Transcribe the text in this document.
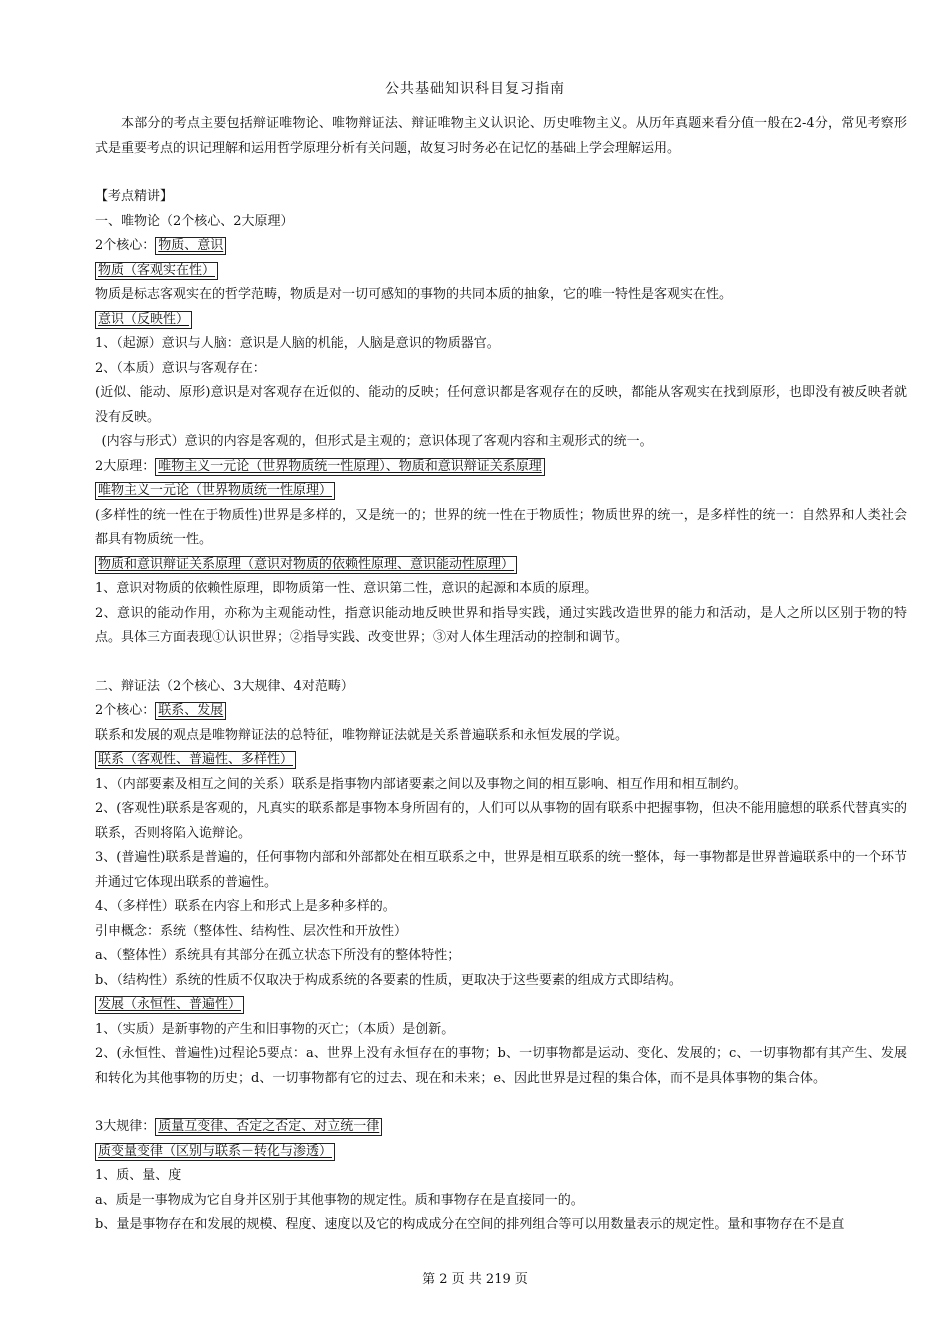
公共基础知识科目复习指南

本部分的考点主要包括辩证唯物论、唯物辩证法、辩证唯物主义认识论、历史唯物主义。从历年真题来看分值一般在2-4分，常见考察形式是重要考点的识记理解和运用哲学原理分析有关问题，故复习时务必在记忆的基础上学会理解运用。

【考点精讲】

一、唯物论（2个核心、2大原理）

2个核心： 物质、意识

物质（客观实在性）

物质是标志客观实在的哲学范畴，物质是对一切可感知的事物的共同本质的抽象，它的唯一特性是客观实在性。

意识（反映性）

1、（起源）意识与人脑：意识是人脑的机能，人脑是意识的物质器官。

2、（本质）意识与客观存在：

(近似、能动、原形)意识是对客观存在近似的、能动的反映；任何意识都是客观存在的反映，都能从客观实在找到原形，也即没有被反映者就没有反映。

(内容与形式）意识的内容是客观的，但形式是主观的；意识体现了客观内容和主观形式的统一。

2大原理： 唯物主义一元论（世界物质统一性原理）、物质和意识辩证关系原理

唯物主义一元论（世界物质统一性原理）

(多样性的统一性在于物质性)世界是多样的，又是统一的；世界的统一性在于物质性；物质世界的统一，是多样性的统一：自然界和人类社会都具有物质统一性。

物质和意识辩证关系原理（意识对物质的依赖性原理、意识能动性原理）

1、意识对物质的依赖性原理，即物质第一性、意识第二性，意识的起源和本质的原理。

2、意识的能动作用，亦称为主观能动性，指意识能动地反映世界和指导实践，通过实践改造世界的能力和活动，是人之所以区别于物的特点。具体三方面表现①认识世界；②指导实践、改变世界；③对人体生理活动的控制和调节。

二、辩证法（2个核心、3大规律、4对范畴）

2个核心： 联系、发展

联系和发展的观点是唯物辩证法的总特征，唯物辩证法就是关系普遍联系和永恒发展的学说。

联系（客观性、普遍性、多样性）

1、（内部要素及相互之间的关系）联系是指事物内部诸要素之间以及事物之间的相互影响、相互作用和相互制约。

2、(客观性)联系是客观的，凡真实的联系都是事物本身所固有的，人们可以从事物的固有联系中把握事物，但决不能用臆想的联系代替真实的联系，否则将陷入诡辩论。

3、(普遍性)联系是普遍的，任何事物内部和外部都处在相互联系之中，世界是相互联系的统一整体，每一事物都是世界普遍联系中的一个环节并通过它体现出联系的普遍性。

4、（多样性）联系在内容上和形式上是多种多样的。

引申概念：系统（整体性、结构性、层次性和开放性）

a、（整体性）系统具有其部分在孤立状态下所没有的整体特性；

b、（结构性）系统的性质不仅取决于构成系统的各要素的性质，更取决于这些要素的组成方式即结构。

发展（永恒性、普遍性）

1、（实质）是新事物的产生和旧事物的灭亡；（本质）是创新。

2、(永恒性、普遍性)过程论5要点：a、世界上没有永恒存在的事物；b、一切事物都是运动、变化、发展的；c、一切事物都有其产生、发展和转化为其他事物的历史；d、一切事物都有它的过去、现在和未来；e、因此世界是过程的集合体，而不是具体事物的集合体。

3大规律： 质量互变律、否定之否定、对立统一律

质变量变律（区别与联系－转化与渗透）

1、质、量、度

a、质是一事物成为它自身并区别于其他事物的规定性。质和事物存在是直接同一的。

b、量是事物存在和发展的规模、程度、速度以及它的构成成分在空间的排列组合等可以用数量表示的规定性。量和事物存在不是直

第 2 页 共 219 页
